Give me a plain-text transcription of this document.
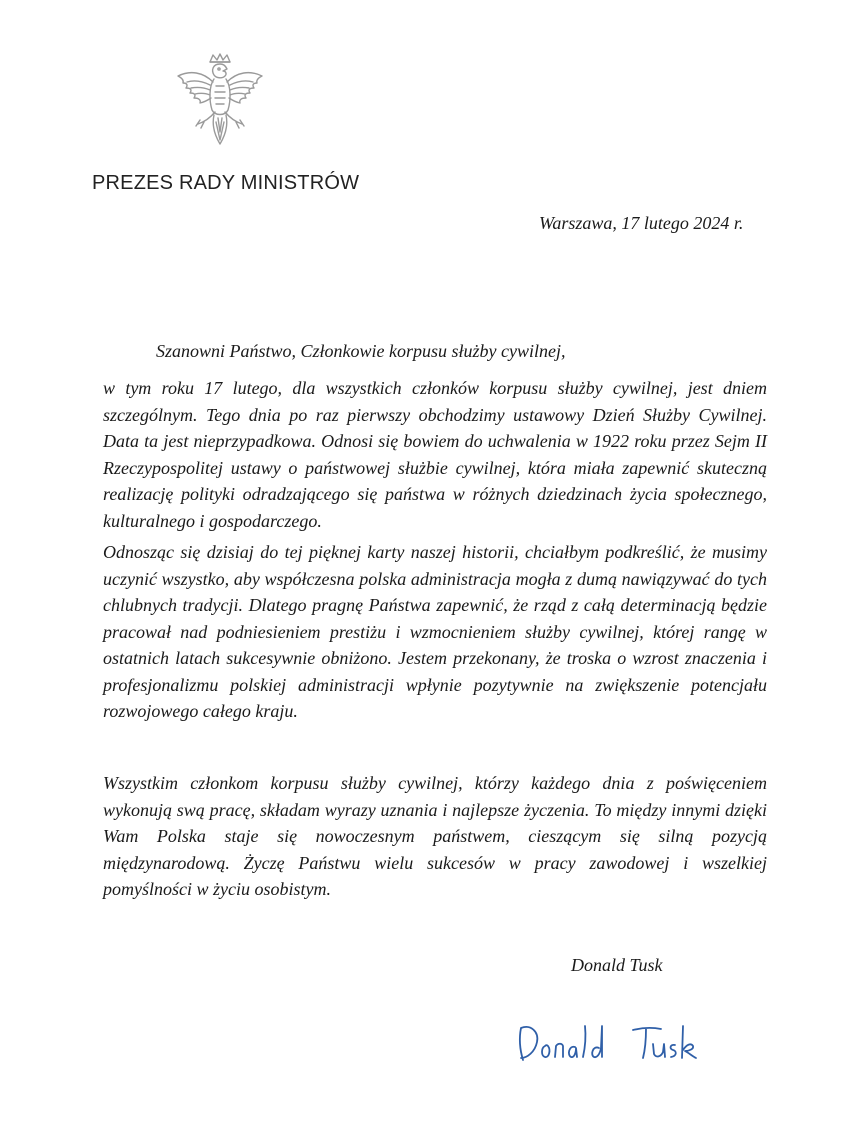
PREZES RADY MINISTRÓW
Warszawa, 17 lutego 2024 r.
Szanowni Państwo, Członkowie korpusu służby cywilnej,
w tym roku 17 lutego, dla wszystkich członków korpusu służby cywilnej, jest dniem szczególnym. Tego dnia po raz pierwszy obchodzimy ustawowy Dzień Służby Cywilnej. Data ta jest nieprzypadkowa. Odnosi się bowiem do uchwalenia w 1922 roku przez Sejm II Rzeczypospolitej ustawy o państwowej służbie cywilnej, która miała zapewnić skuteczną realizację polityki odradzającego się państwa w różnych dziedzinach życia społecznego, kulturalnego i gospodarczego.
Odnosząc się dzisiaj do tej pięknej karty naszej historii, chciałbym podkreślić, że musimy uczynić wszystko, aby współczesna polska administracja mogła z dumą nawiązywać do tych chlubnych tradycji. Dlatego pragnę Państwa zapewnić, że rząd z całą determinacją będzie pracował nad podniesieniem prestiżu i wzmocnieniem służby cywilnej, której rangę w ostatnich latach sukcesywnie obniżono. Jestem przekonany, że troska o wzrost znaczenia i profesjonalizmu polskiej administracji wpłynie pozytywnie na zwiększenie potencjału rozwojowego całego kraju.
Wszystkim członkom korpusu służby cywilnej, którzy każdego dnia z poświęceniem wykonują swą pracę, składam wyrazy uznania i najlepsze życzenia. To między innymi dzięki Wam Polska staje się nowoczesnym państwem, cieszącym się silną pozycją międzynarodową. Życzę Państwu wielu sukcesów w pracy zawodowej i wszelkiej pomyślności w życiu osobistym.
Donald Tusk
